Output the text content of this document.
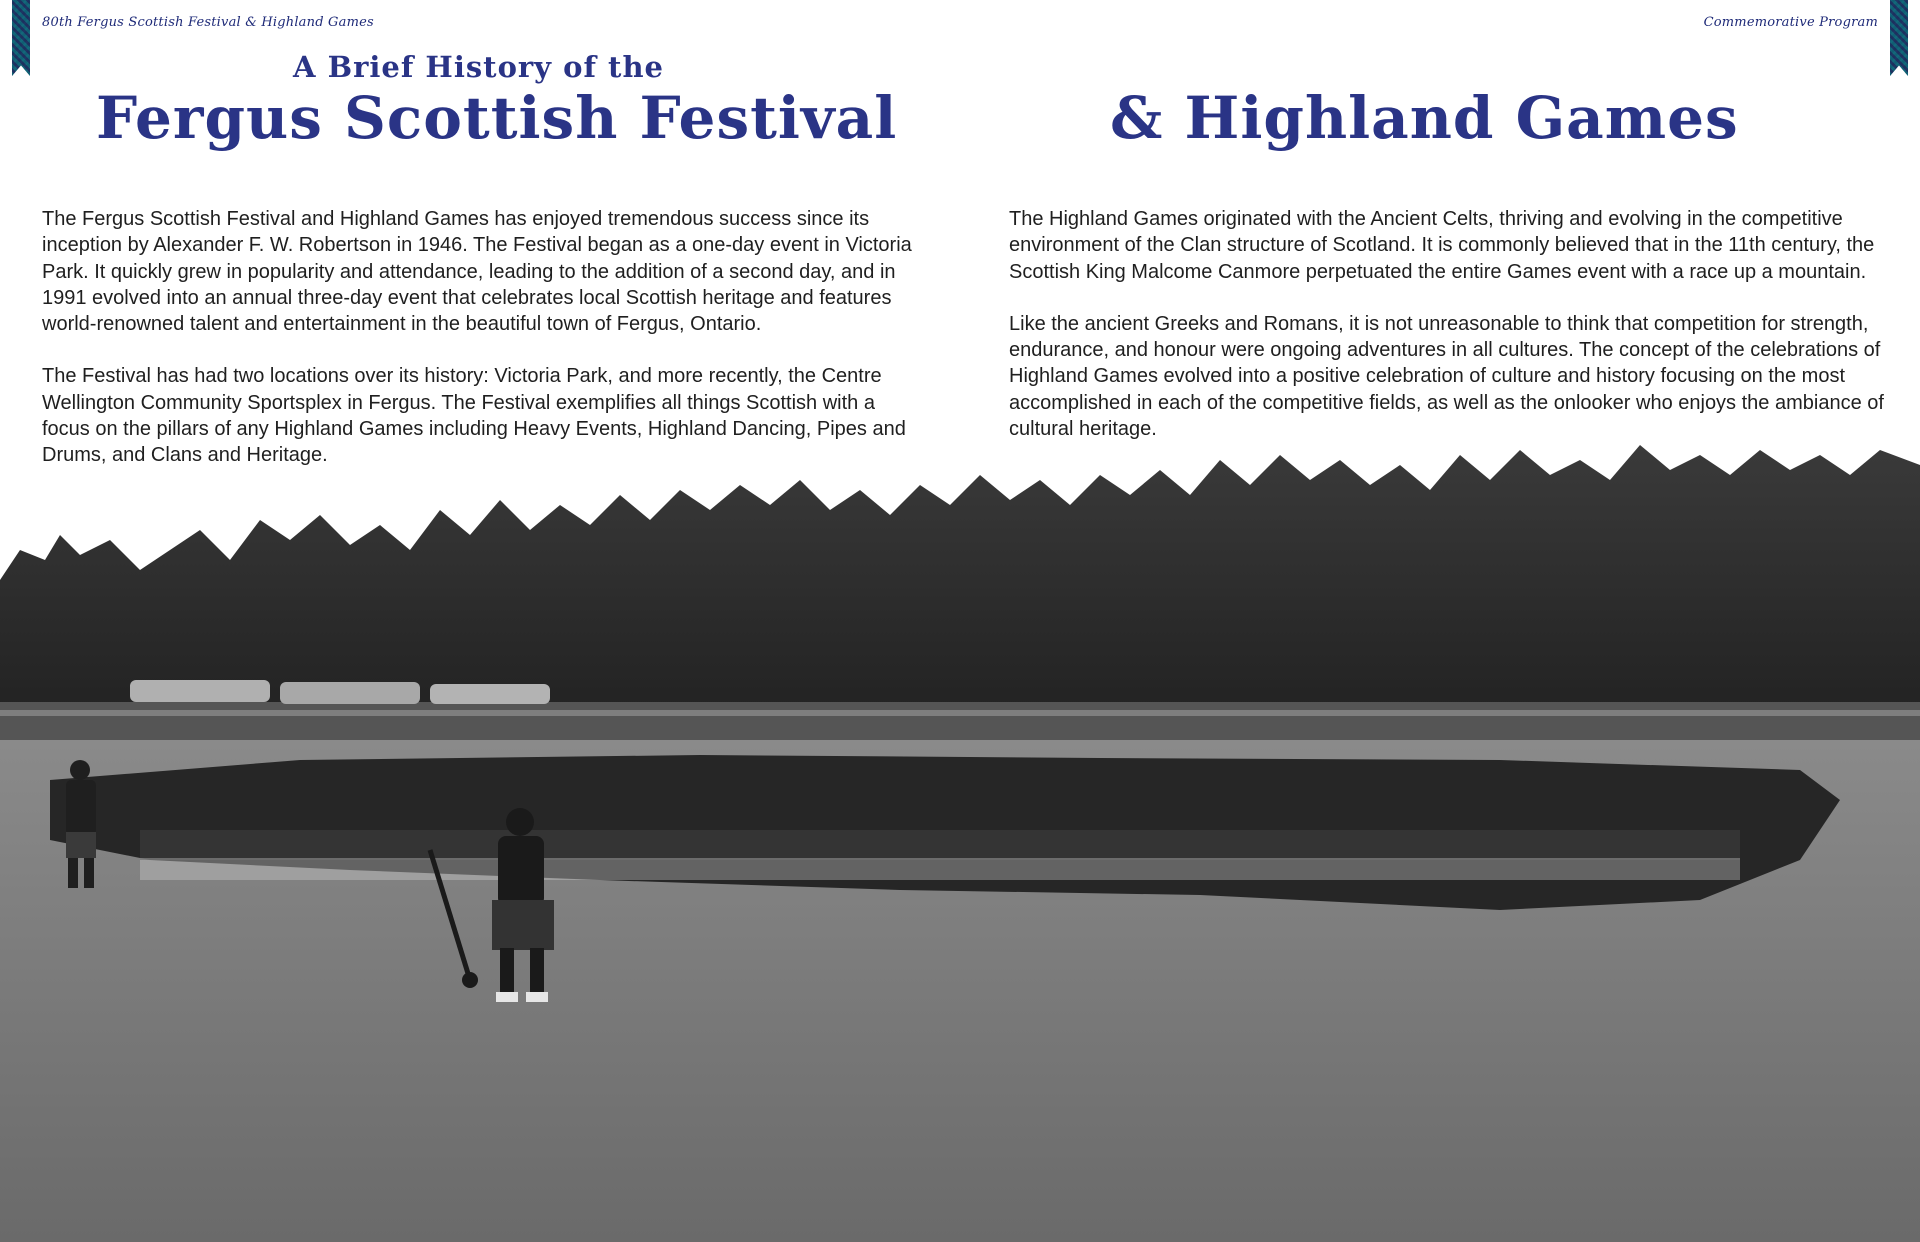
80th Fergus Scottish Festival & Highland Games
A Brief History of the
Fergus Scottish Festival

The Fergus Scottish Festival and Highland Games has enjoyed tremendous success since its inception by Alexander F. W. Robertson in 1946. The Festival began as a one-day event in Victoria Park. It quickly grew in popularity and attendance, leading to the addition of a second day, and in 1991 evolved into an annual three-day event that celebrates local Scottish heritage and features world-renowned talent and entertainment in the beautiful town of Fergus, Ontario.

The Festival has had two locations over its history: Victoria Park, and more recently, the Centre Wellington Community Sportsplex in Fergus. The Festival exemplifies all things Scottish with a focus on the pillars of any Highland Games including Heavy Events, Highland Dancing, Pipes and Drums, and Clans and Heritage.

Commemorative Program
& Highland Games

The Highland Games originated with the Ancient Celts, thriving and evolving in the competitive environment of the Clan structure of Scotland. It is commonly believed that in the 11th century, the Scottish King Malcome Canmore perpetuated the entire Games event with a race up a mountain.

Like the ancient Greeks and Romans, it is not unreasonable to think that competition for strength, endurance, and honour were ongoing adventures in all cultures. The concept of the celebrations of Highland Games evolved into a positive celebration of culture and history focusing on the most accomplished in each of the competitive fields, as well as the onlooker who enjoys the ambiance of cultural heritage.
